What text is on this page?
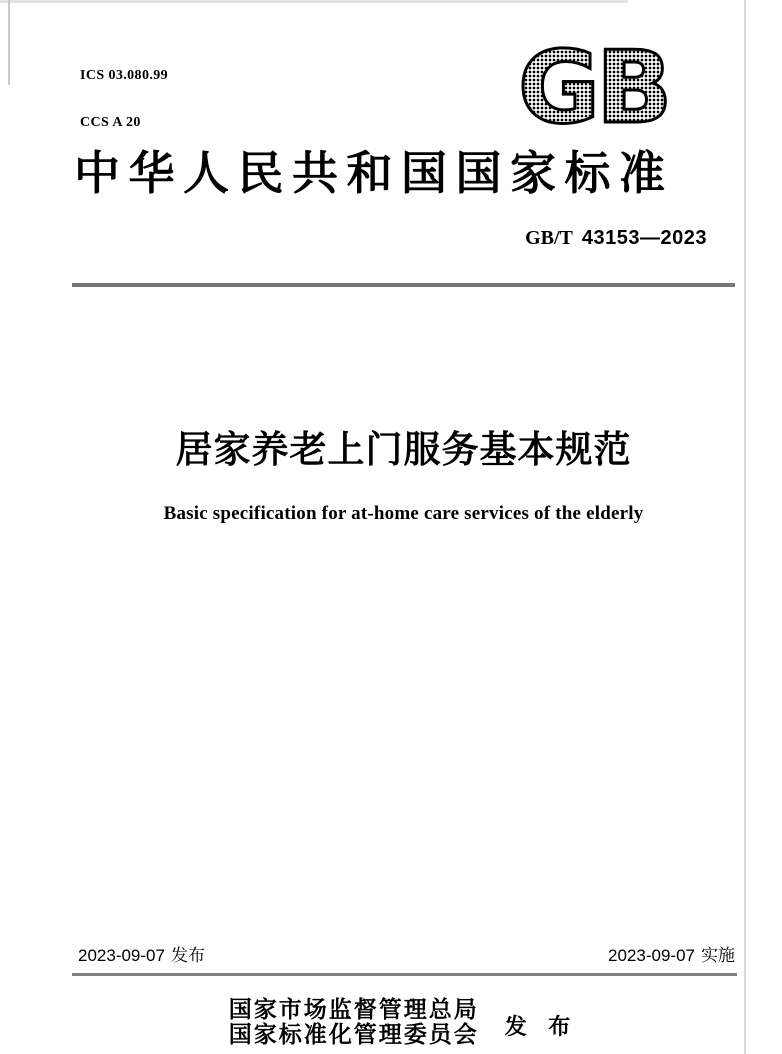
ICS 03.080.99

CCS A 20

	GB
中华人民共和国国家标准
GB/T 43153—2023
居家养老上门服务基本规范
Basic specification for at-home care services of the elderly
2023-09-07 发布	2023-09-07 实施
国家市场监督管理总局
国家标准化管理委员会 发 布
